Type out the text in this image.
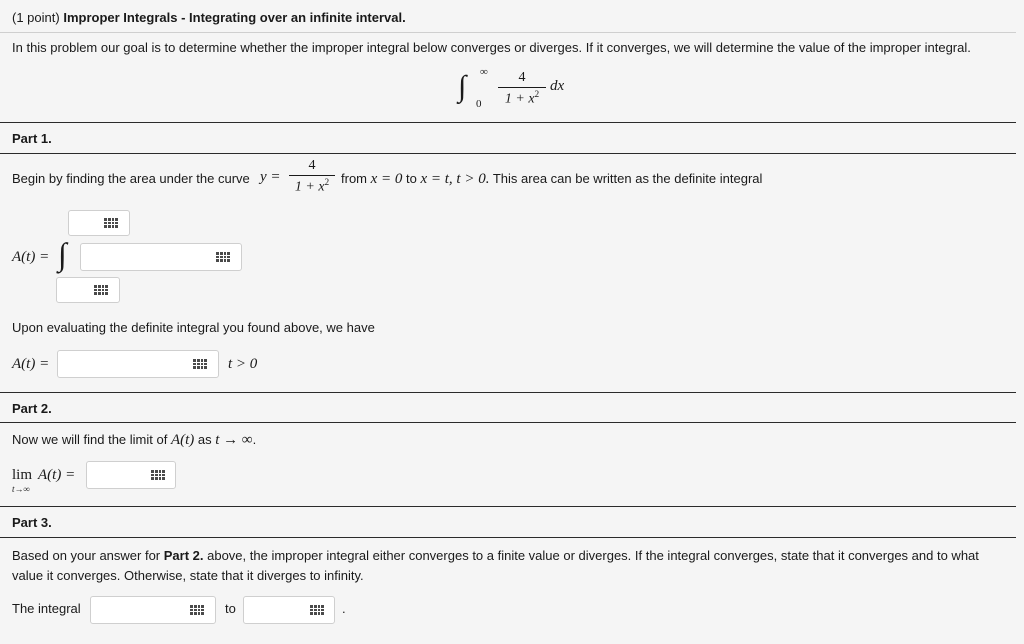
(1 point) Improper Integrals - Integrating over an infinite interval.
In this problem our goal is to determine whether the improper integral below converges or diverges. If it converges, we will determine the value of the improper integral.
∫ ∞
0
4
$1 + x^2$ dx
Part 1.
Begin by finding the area under the curve y =
4
$1 + x^2$ from x = 0 to x = t, t > 0. This area can be written as the definite integral
A(t) = ∫
Upon evaluating the definite integral you found above, we have
A(t) =	t > 0
Part 2.
Now we will find the limit of A(t) as t → ∞.
lim
t→∞
A(t) =
Part 3.
Based on your answer for Part 2. above, the improper integral either converges to a finite value or diverges. If the integral converges, state that it converges and to what
value it converges. Otherwise, state that it diverges to infinity.
The integral	to	.
